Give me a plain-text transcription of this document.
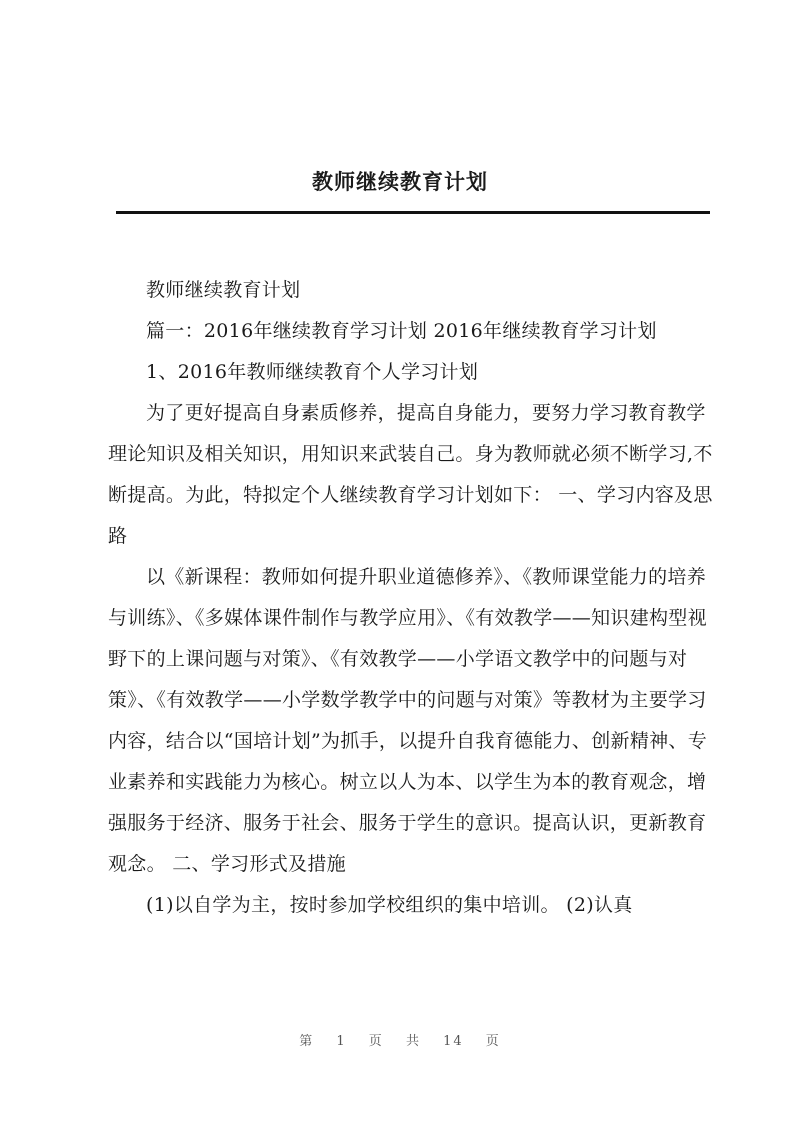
教师继续教育计划

教师继续教育计划

篇一：2016年继续教育学习计划 2016年继续教育学习计划

1、2016年教师继续教育个人学习计划

为了更好提高自身素质修养，提高自身能力，要努力学习教育教学理论知识及相关知识，用知识来武装自己。身为教师就必须不断学习,不断提高。为此，特拟定个人继续教育学习计划如下： 一、学习内容及思路

以《新课程：教师如何提升职业道德修养》、《教师课堂能力的培养与训练》、《多媒体课件制作与教学应用》、《有效教学——知识建构型视野下的上课问题与对策》、《有效教学——小学语文教学中的问题与对策》、《有效教学——小学数学教学中的问题与对策》等教材为主要学习内容，结合以“国培计划”为抓手，以提升自我育德能力、创新精神、专业素养和实践能力为核心。树立以人为本、以学生为本的教育观念，增强服务于经济、服务于社会、服务于学生的意识。提高认识，更新教育观念。 二、学习形式及措施

(1)以自学为主，按时参加学校组织的集中培训。 (2)认真

第 1 页 共 14 页
